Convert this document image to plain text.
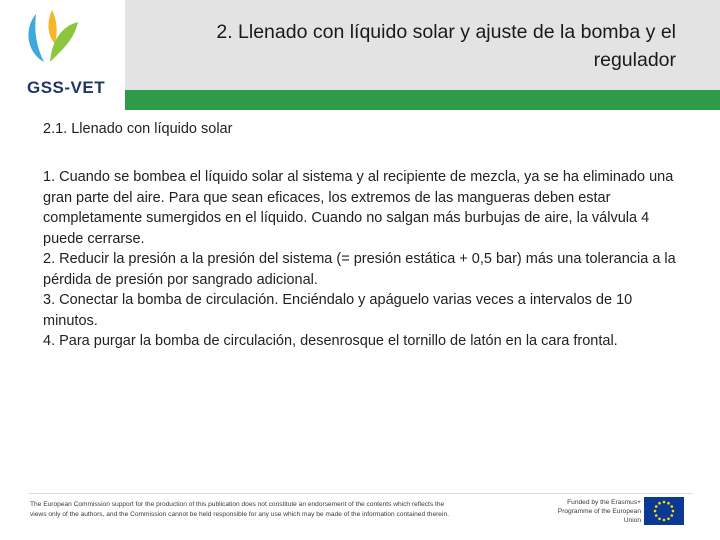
GSS-VET
2. Llenado con líquido solar y ajuste de la bomba y el regulador
2.1. Llenado con líquido solar

1. Cuando se bombea el líquido solar al sistema y al recipiente de mezcla, ya se ha eliminado una gran parte del aire. Para que sean eficaces, los extremos de las mangueras deben estar completamente sumergidos en el líquido. Cuando no salgan más burbujas de aire, la válvula 4 puede cerrarse.

2. Reducir la presión a la presión del sistema (= presión estática + 0,5 bar) más una tolerancia a la pérdida de presión por sangrado adicional.

3. Conectar la bomba de circulación. Enciéndalo y apáguelo varias veces a intervalos de 10 minutos.

4. Para purgar la bomba de circulación, desenrosque el tornillo de latón en la cara frontal.

The European Commission support for the production of this publication does not constitute an endorsement of the contents which reflects the views only of the authors, and the Commission cannot be held responsible for any use which may be made of the information contained therein.
Funded by the Erasmus+ Programme of the European Union
